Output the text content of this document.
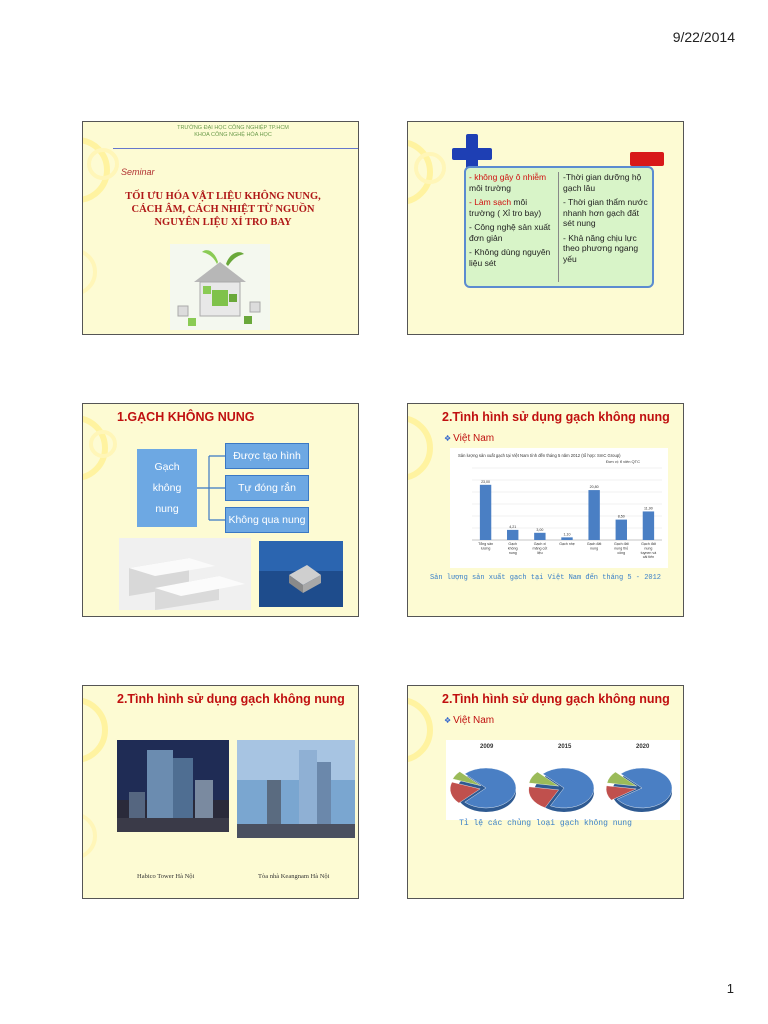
9/22/2014
TRƯỜNG ĐẠI HỌC CÔNG NGHIỆP TP.HCM
KHOA CÔNG NGHỆ HÓA HỌC
Seminar
TỐI ƯU HÓA VẬT LIỆU KHÔNG NUNG,
CÁCH ÂM, CÁCH NHIỆT TỪ NGUỒN
NGUYÊN LIỆU XỈ TRO BAY

- không gây ô nhiễm môi trường

- Làm sạch môi trường ( Xỉ tro bay)

- Công nghệ sản xuất đơn giản

- Không dùng nguyên liệu sét

-Thời gian dưỡng hộ gạch lâu

- Thời gian thẩm nước nhanh hơn gạch đất sét nung

- Khả năng chịu lực theo phương ngang yếu

1.GẠCH KHÔNG NUNG
Gạch
không
nung
Được tạo hình
Tự đóng rắn
Không qua nung
2.Tình hình sử dụng gạch không nung
❖ Việt Nam
Sản lượng sản xuất gạch tại Việt Nam tính đến tháng 5 năm 2012 (tổ hợp: SmC Group)
Đơn vị: tỉ viên QTC
23,00
Tổng sản
lượng
4,21
Gạch
không
nung
3,00
Gạch xi
măng cốt
liệu
1,10
Gạch nhẹ
20,80
Gạch đất
nung
8,50
Gạch đất
nung thủ
công
11,90
Gạch đất
nung
tuynen và
cải tiến
Sản lượng sản xuất gạch tại Việt Nam đến tháng 5 - 2012
2.Tình hình sử dụng gạch không nung
Habico Tower Hà Nội	Tòa nhà Keangnam Hà Nội
2.Tình hình sử dụng gạch không nung
❖ Việt Nam
2009	2015	2020
Tỉ lệ các chủng loại gạch không nung
1
